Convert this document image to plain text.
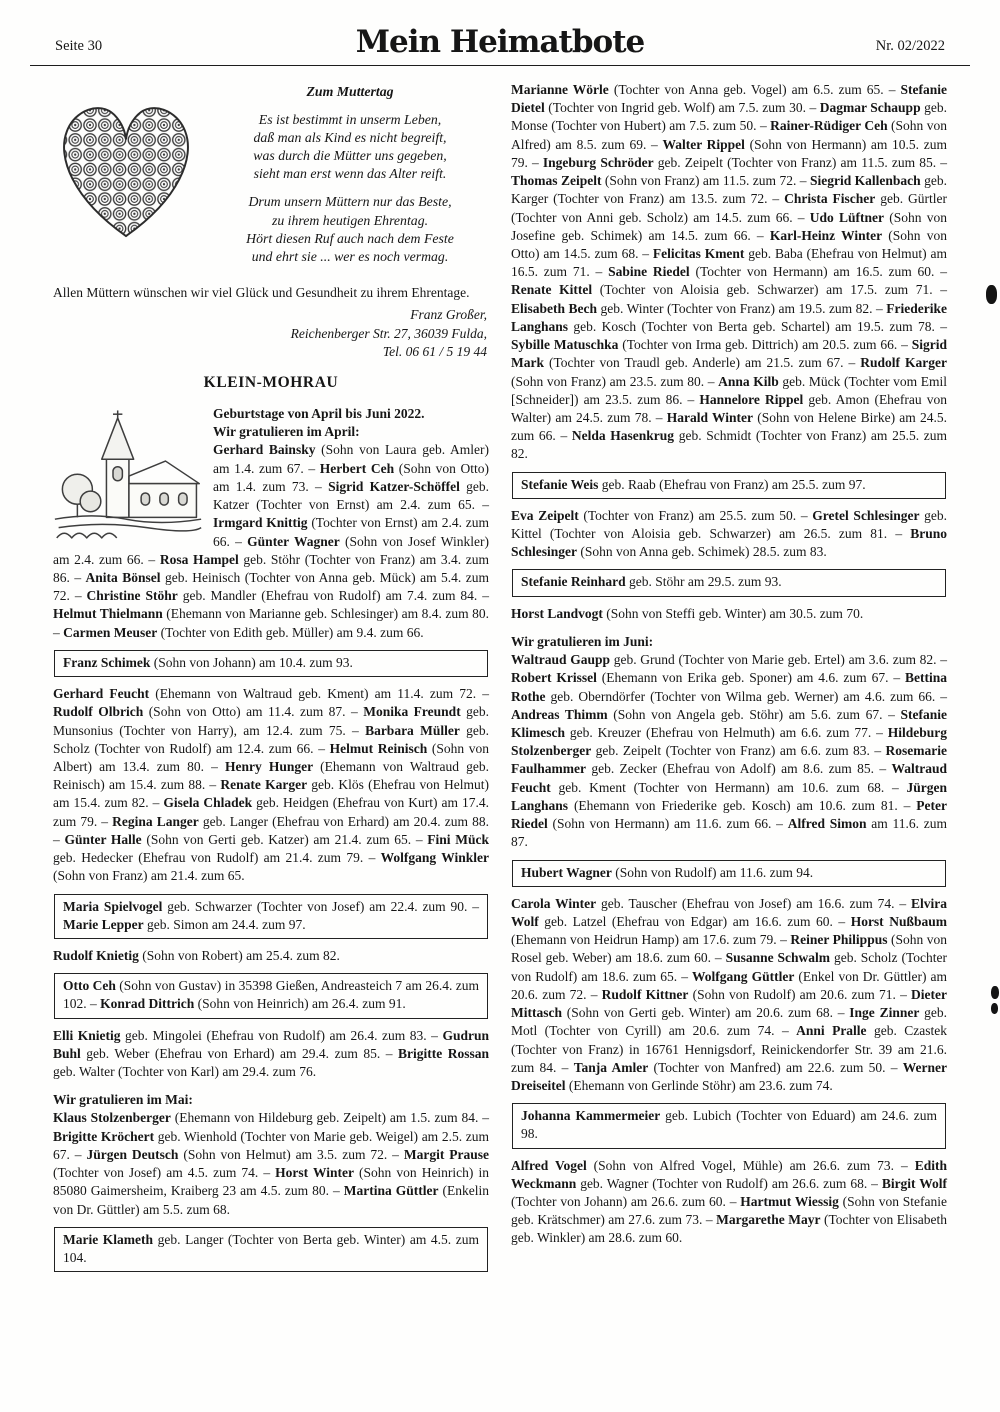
Seite 30	Mein Heimatbote	Nr. 02/2022
Zum Muttertag
Es ist bestimmt in unserm Leben,
daß man als Kind es nicht begreift,
was durch die Mütter uns gegeben,
sieht man erst wenn das Alter reift.
Drum unsern Müttern nur das Beste,
zu ihrem heutigen Ehrentag.
Hört diesen Ruf auch nach dem Feste
und ehrt sie ... wer es noch vermag.

Allen Müttern wünschen wir viel Glück und Gesundheit zu ihrem Ehrentage.

Franz Großer,
Reichenberger Str. 27, 36039 Fulda,
Tel. 06 61 / 5 19 44
KLEIN-MOHRAU
Geburtstage von April bis Juni 2022.
Wir gratulieren im April:
Gerhard Bainsky (Sohn von Laura geb. Amler) am 1.4. zum 67. – Herbert Ceh (Sohn von Otto) am 1.4. zum 73. – Sigrid Katzer-Schöffel geb. Katzer (Tochter von Ernst) am 2.4. zum 65. – Irmgard Knittig (Tochter von Ernst) am 2.4. zum 66. – Günter Wagner (Sohn von Josef Winkler) am 2.4. zum 66. – Rosa Hampel geb. Stöhr (Tochter von Franz) am 3.4. zum 86. – Anita Bönsel geb. Heinisch (Tochter von Anna geb. Mück) am 5.4. zum 72. – Christine Stöhr geb. Mandler (Ehefrau von Rudolf) am 7.4. zum 84. – Helmut Thielmann (Ehemann von Marianne geb. Schlesinger) am 8.4. zum 80. – Carmen Meuser (Tochter von Edith geb. Müller) am 9.4. zum 66.
Franz Schimek (Sohn von Johann) am 10.4. zum 93.

Gerhard Feucht (Ehemann von Waltraud geb. Kment) am 11.4. zum 72. – Rudolf Olbrich (Sohn von Otto) am 11.4. zum 87. – Monika Freundt geb. Munsonius (Tochter von Harry), am 12.4. zum 75. – Barbara Müller geb. Scholz (Tochter von Rudolf) am 12.4. zum 66. – Helmut Reinisch (Sohn von Albert) am 13.4. zum 80. – Henry Hunger (Ehemann von Waltraud geb. Reinisch) am 15.4. zum 88. – Renate Karger geb. Klös (Ehefrau von Helmut) am 15.4. zum 82. – Gisela Chladek geb. Heidgen (Ehefrau von Kurt) am 17.4. zum 79. – Regina Langer geb. Langer (Ehefrau von Erhard) am 20.4. zum 88. – Günter Halle (Sohn von Gerti geb. Katzer) am 21.4. zum 65. – Fini Mück geb. Hedecker (Ehefrau von Rudolf) am 21.4. zum 79. – Wolfgang Winkler (Sohn von Franz) am 21.4. zum 65.

Maria Spielvogel geb. Schwarzer (Tochter von Josef) am 22.4. zum 90. – Marie Lepper geb. Simon am 24.4. zum 97.

Rudolf Knietig (Sohn von Robert) am 25.4. zum 82.

Otto Ceh (Sohn von Gustav) in 35398 Gießen, Andreasteich 7 am 26.4. zum 102. – Konrad Dittrich (Sohn von Heinrich) am 26.4. zum 91.

Elli Knietig geb. Mingolei (Ehefrau von Rudolf) am 26.4. zum 83. – Gudrun Buhl geb. Weber (Ehefrau von Erhard) am 29.4. zum 85. – Brigitte Rossan geb. Walter (Tochter von Karl) am 29.4. zum 76.

Wir gratulieren im Mai:

Klaus Stolzenberger (Ehemann von Hildeburg geb. Zeipelt) am 1.5. zum 84. – Brigitte Kröchert geb. Wienhold (Tochter von Marie geb. Weigel) am 2.5. zum 67. – Jürgen Deutsch (Sohn von Helmut) am 3.5. zum 72. – Margit Prause (Tochter von Josef) am 4.5. zum 74. – Horst Winter (Sohn von Heinrich) in 85080 Gaimersheim, Kraiberg 23 am 4.5. zum 80. – Martina Güttler (Enkelin von Dr. Güttler) am 5.5. zum 68.

Marie Klameth geb. Langer (Tochter von Berta geb. Winter) am 4.5. zum 104.

Marianne Wörle (Tochter von Anna geb. Vogel) am 6.5. zum 65. – Stefanie Dietel (Tochter von Ingrid geb. Wolf) am 7.5. zum 30. – Dagmar Schaupp geb. Monse (Tochter von Hubert) am 7.5. zum 50. – Rainer-Rüdiger Ceh (Sohn von Alfred) am 8.5. zum 69. – Walter Rippel (Sohn von Hermann) am 10.5. zum 79. – Ingeburg Schröder geb. Zeipelt (Tochter von Franz) am 11.5. zum 85. – Thomas Zeipelt (Sohn von Franz) am 11.5. zum 72. – Siegrid Kallenbach geb. Karger (Tochter von Franz) am 13.5. zum 72. – Christa Fischer geb. Gürtler (Tochter von Anni geb. Scholz) am 14.5. zum 66. – Udo Lüftner (Sohn von Josefine geb. Schimek) am 14.5. zum 66. – Karl-Heinz Winter (Sohn von Otto) am 14.5. zum 68. – Felicitas Kment geb. Baba (Ehefrau von Helmut) am 16.5. zum 71. – Sabine Riedel (Tochter von Hermann) am 16.5. zum 60. – Renate Kittel (Tochter von Aloisia geb. Schwarzer) am 17.5. zum 71. – Elisabeth Bech geb. Winter (Tochter von Franz) am 19.5. zum 82. – Friederike Langhans geb. Kosch (Tochter von Berta geb. Schartel) am 19.5. zum 78. – Sybille Matuschka (Tochter von Irma geb. Dittrich) am 20.5. zum 66. – Sigrid Mark (Tochter von Traudl geb. Anderle) am 21.5. zum 67. – Rudolf Karger (Sohn von Franz) am 23.5. zum 80. – Anna Kilb geb. Mück (Tochter vom Emil [Schneider]) am 23.5. zum 86. – Hannelore Rippel geb. Amon (Ehefrau von Walter) am 24.5. zum 78. – Harald Winter (Sohn von Helene Birke) am 24.5. zum 66. – Nelda Hasenkrug geb. Schmidt (Tochter von Franz) am 25.5. zum 82.

Stefanie Weis geb. Raab (Ehefrau von Franz) am 25.5. zum 97.

Eva Zeipelt (Tochter von Franz) am 25.5. zum 50. – Gretel Schlesinger geb. Kittel (Tochter von Aloisia geb. Schwarzer) am 26.5. zum 81. – Bruno Schlesinger (Sohn von Anna geb. Schimek) 28.5. zum 83.

Stefanie Reinhard geb. Stöhr am 29.5. zum 93.

Horst Landvogt (Sohn von Steffi geb. Winter) am 30.5. zum 70.

Wir gratulieren im Juni:

Waltraud Gaupp geb. Grund (Tochter von Marie geb. Ertel) am 3.6. zum 82. – Robert Krissel (Ehemann von Erika geb. Sponer) am 4.6. zum 67. – Bettina Rothe geb. Oberndörfer (Tochter von Wilma geb. Werner) am 4.6. zum 66. – Andreas Thimm (Sohn von Angela geb. Stöhr) am 5.6. zum 67. – Stefanie Klimesch geb. Kreuzer (Ehefrau von Helmuth) am 6.6. zum 77. – Hildeburg Stolzenberger geb. Zeipelt (Tochter von Franz) am 6.6. zum 83. – Rosemarie Faulhammer geb. Zecker (Ehefrau von Adolf) am 8.6. zum 85. – Waltraud Feucht geb. Kment (Tochter von Hermann) am 10.6. zum 68. – Jürgen Langhans (Ehemann von Friederike geb. Kosch) am 10.6. zum 81. – Peter Riedel (Sohn von Hermann) am 11.6. zum 66. – Alfred Simon am 11.6. zum 87.

Hubert Wagner (Sohn von Rudolf) am 11.6. zum 94.

Carola Winter geb. Tauscher (Ehefrau von Josef) am 16.6. zum 74. – Elvira Wolf geb. Latzel (Ehefrau von Edgar) am 16.6. zum 60. – Horst Nußbaum (Ehemann von Heidrun Hamp) am 17.6. zum 79. – Reiner Philippus (Sohn von Rosel geb. Weber) am 18.6. zum 60. – Susanne Schwalm geb. Scholz (Tochter von Rudolf) am 18.6. zum 65. – Wolfgang Güttler (Enkel von Dr. Güttler) am 20.6. zum 72. – Rudolf Kittner (Sohn von Rudolf) am 20.6. zum 71. – Dieter Mittasch (Sohn von Gerti geb. Winter) am 20.6. zum 68. – Inge Zinner geb. Motl (Tochter von Cyrill) am 20.6. zum 74. – Anni Pralle geb. Czastek (Tochter von Franz) in 16761 Hennigsdorf, Reinickendorfer Str. 39 am 21.6. zum 84. – Tanja Amler (Tochter von Manfred) am 22.6. zum 50. – Werner Dreiseitel (Ehemann von Gerlinde Stöhr) am 23.6. zum 74.

Johanna Kammermeier geb. Lubich (Tochter von Eduard) am 24.6. zum 98.

Alfred Vogel (Sohn von Alfred Vogel, Mühle) am 26.6. zum 73. – Edith Weckmann geb. Wagner (Tochter von Rudolf) am 26.6. zum 68. – Birgit Wolf (Tochter von Johann) am 26.6. zum 60. – Hartmut Wiessig (Sohn von Stefanie geb. Krätschmer) am 27.6. zum 73. – Margarethe Mayr (Tochter von Elisabeth geb. Winkler) am 28.6. zum 60.
